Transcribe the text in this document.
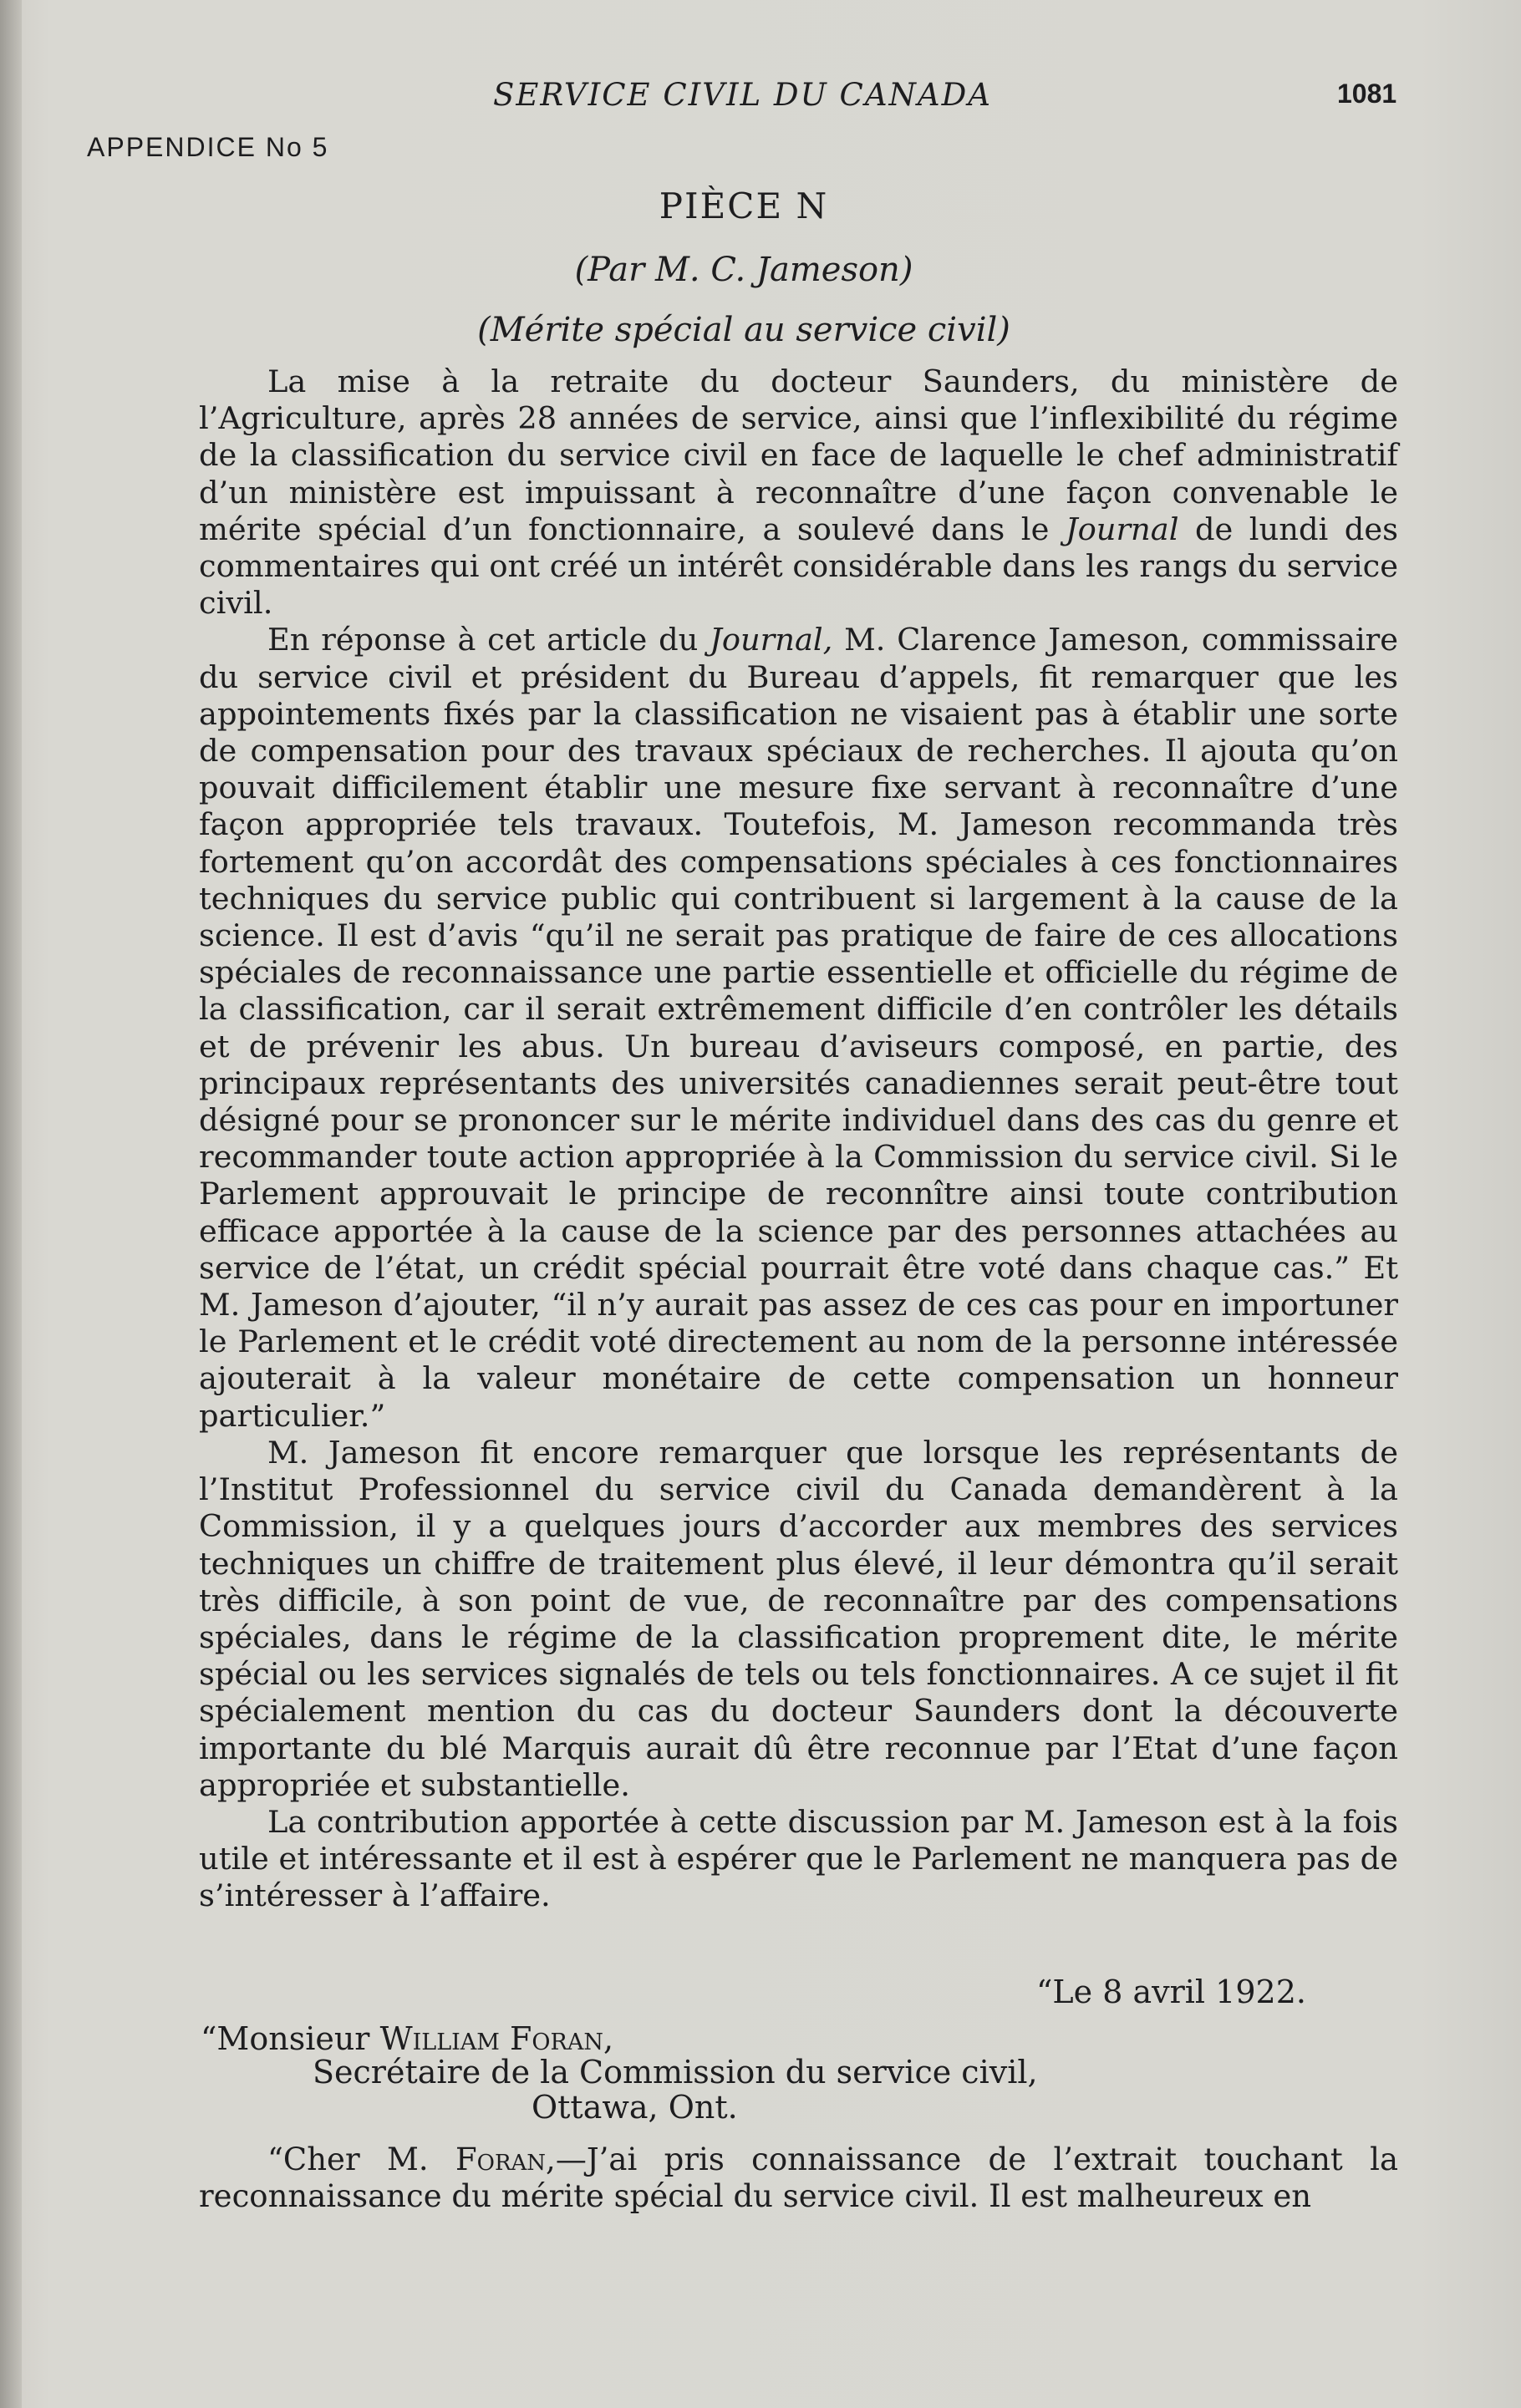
SERVICE CIVIL DU CANADA	1081
APPENDICE No 5
PIÈCE N
(Par M. C. Jameson)
(Mérite spécial au service civil)

La mise à la retraite du docteur Saunders, du ministère de l’Agriculture, après 28 années de service, ainsi que l’inflexibilité du régime de la classification du service civil en face de laquelle le chef administratif d’un ministère est impuissant à reconnaître d’une façon convenable le mérite spécial d’un fonctionnaire, a soulevé dans le Journal de lundi des commentaires qui ont créé un intérêt considérable dans les rangs du service civil.

En réponse à cet article du Journal, M. Clarence Jameson, commissaire du service civil et président du Bureau d’appels, fit remarquer que les appointements fixés par la classification ne visaient pas à établir une sorte de compensation pour des travaux spéciaux de recherches. Il ajouta qu’on pouvait difficilement établir une mesure fixe servant à reconnaître d’une façon appropriée tels travaux. Toutefois, M. Jameson recommanda très fortement qu’on accordât des compensations spéciales à ces fonctionnaires techniques du service public qui contribuent si largement à la cause de la science. Il est d’avis “qu’il ne serait pas pratique de faire de ces allocations spéciales de reconnaissance une partie essentielle et officielle du régime de la classification, car il serait extrêmement difficile d’en contrôler les détails et de prévenir les abus. Un bureau d’aviseurs composé, en partie, des principaux représentants des universités canadiennes serait peut-être tout désigné pour se prononcer sur le mérite individuel dans des cas du genre et recommander toute action appropriée à la Commission du service civil. Si le Parlement approuvait le principe de reconnître ainsi toute contribution efficace apportée à la cause de la science par des personnes attachées au service de l’état, un crédit spécial pourrait être voté dans chaque cas.” Et M. Jameson d’ajouter, “il n’y aurait pas assez de ces cas pour en importuner le Parlement et le crédit voté directement au nom de la personne intéressée ajouterait à la valeur monétaire de cette compensation un honneur particulier.”

M. Jameson fit encore remarquer que lorsque les représentants de l’Institut Professionnel du service civil du Canada demandèrent à la Commission, il y a quelques jours d’accorder aux membres des services techniques un chiffre de traitement plus élevé, il leur démontra qu’il serait très difficile, à son point de vue, de reconnaître par des compensations spéciales, dans le régime de la classification proprement dite, le mérite spécial ou les services signalés de tels ou tels fonctionnaires. A ce sujet il fit spécialement mention du cas du docteur Saunders dont la découverte importante du blé Marquis aurait dû être reconnue par l’Etat d’une façon appropriée et substantielle.

La contribution apportée à cette discussion par M. Jameson est à la fois utile et intéressante et il est à espérer que le Parlement ne manquera pas de s’intéresser à l’affaire.

“Le 8 avril 1922.
“Monsieur William Foran,
Secrétaire de la Commission du service civil,
Ottawa, Ont.

“Cher M. Foran,—J’ai pris connaissance de l’extrait touchant la reconnaissance du mérite spécial du service civil. Il est malheureux en
